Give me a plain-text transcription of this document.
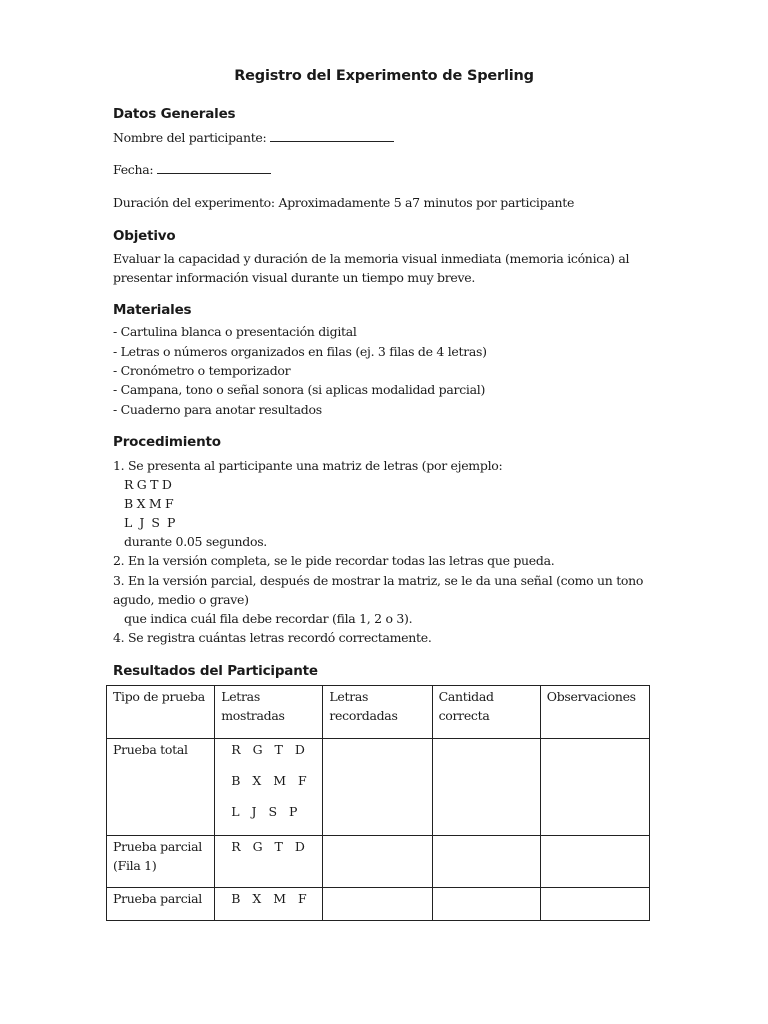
Registro del Experimento de Sperling
Datos Generales
Nombre del participante:
Fecha:
Duración del experimento: Aproximadamente 5 a7 minutos por participante
Objetivo
Evaluar la capacidad y duración de la memoria visual inmediata (memoria icónica) al
presentar información visual durante un tiempo muy breve.
Materiales
- Cartulina blanca o presentación digital
- Letras o números organizados en filas (ej. 3 filas de 4 letras)
- Cronómetro o temporizador
- Campana, tono o señal sonora (si aplicas modalidad parcial)
- Cuaderno para anotar resultados
Procedimiento
1. Se presenta al participante una matriz de letras (por ejemplo:
R G T D
B X M F
L  J  S  P
durante 0.05 segundos.
2. En la versión completa, se le pide recordar todas las letras que pueda.
3. En la versión parcial, después de mostrar la matriz, se le da una señal (como un tono
agudo, medio o grave)
que indica cuál fila debe recordar (fila 1, 2 o 3).
4. Se registra cuántas letras recordó correctamente.
Resultados del Participante
Tipo de prueba	Letras mostradas	Letras recordadas	Cantidad correcta	Observaciones
Prueba total	R G T D
B X M F
L J S P			

Prueba parcial (Fila 1)	R G T D			

Prueba parcial	B X M F			
